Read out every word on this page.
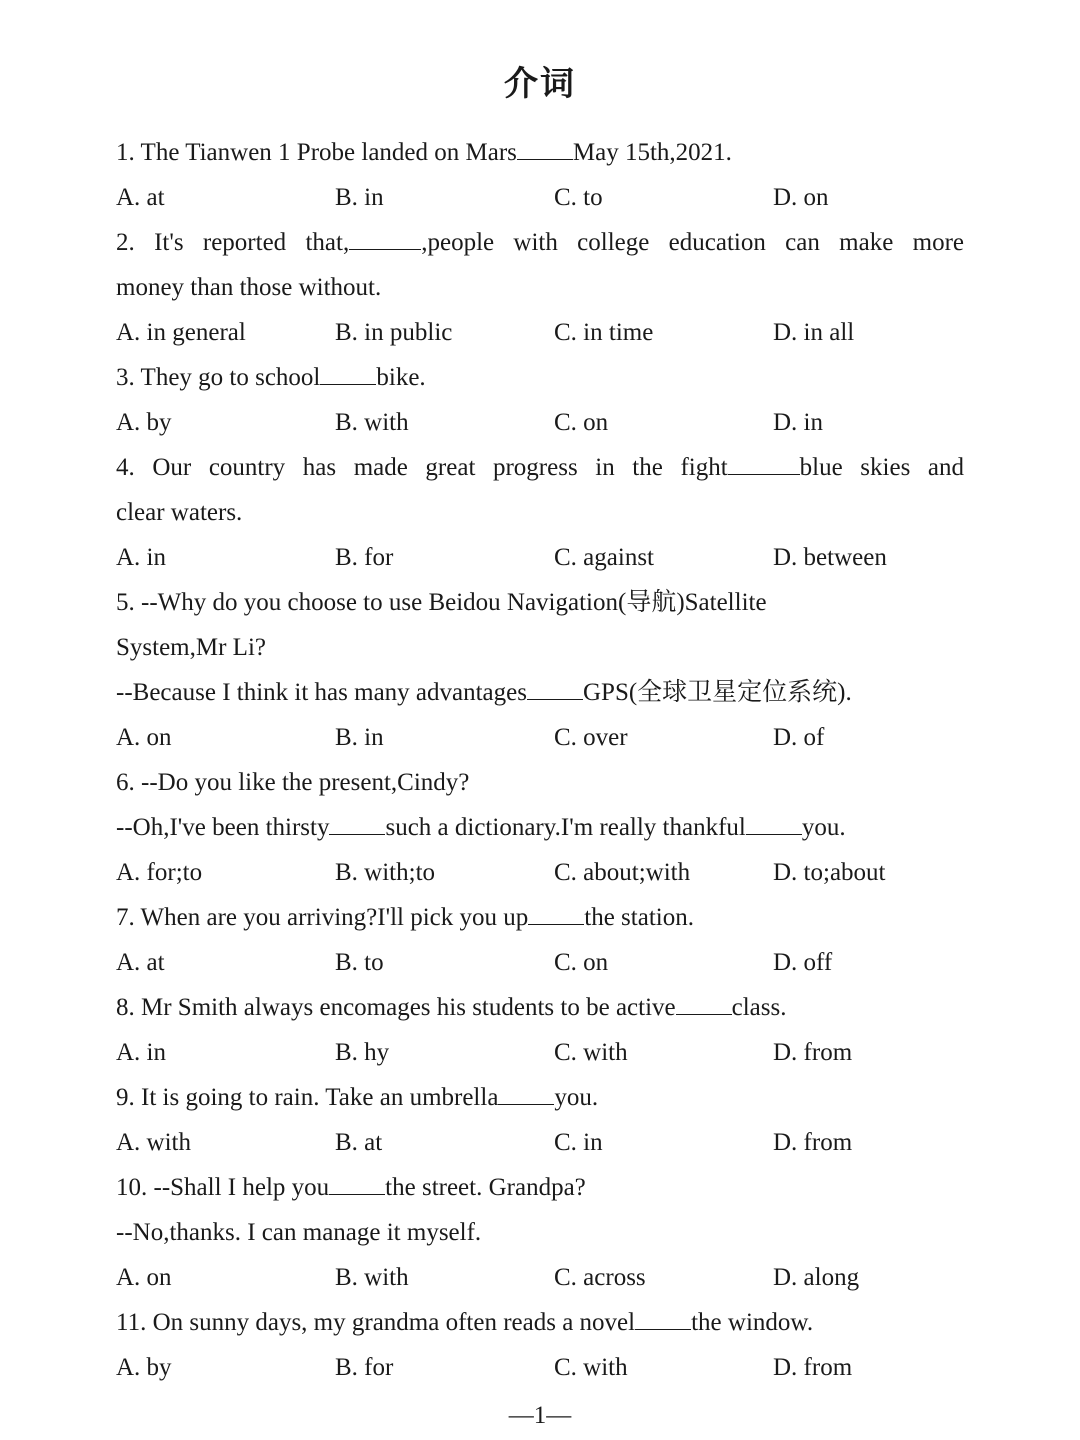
介词
1. The Tianwen 1 Probe landed on Mars May 15th,2021.
A. at	B. in	C. to	D. on
2. It's reported that,	,people with college education can make more
money than those without.
A. in general	B. in public	C. in time	D. in all
3. They go to school bike.
A. by	B. with	C. on	D. in
4. Our country has made great progress in the fight	blue skies and
clear waters.
A. in	B. for	C. against	D. between
5. --Why do you choose to use Beidou Navigation(导航)Satellite
System,Mr Li?
--Because I think it has many advantages GPS(全球卫星定位系统).
A. on	B. in	C. over	D. of
6. --Do you like the present,Cindy?
--Oh,I've been thirsty such a dictionary.I'm really thankful you.
A. for;to	B. with;to	C. about;with	D. to;about
7. When are you arriving?I'll pick you up the station.
A. at	B. to	C. on	D. off
8. Mr Smith always encomages his students to be active class.
A. in	B. hy	C. with	D. from
9. It is going to rain. Take an umbrella you.
A. with	B. at	C. in	D. from
10. --Shall I help you the street. Grandpa?
--No,thanks. I can manage it myself.
A. on	B. with	C. across	D. along
11. On sunny days, my grandma often reads a novel the window.
A. by	B. for	C. with	D. from
—1—
